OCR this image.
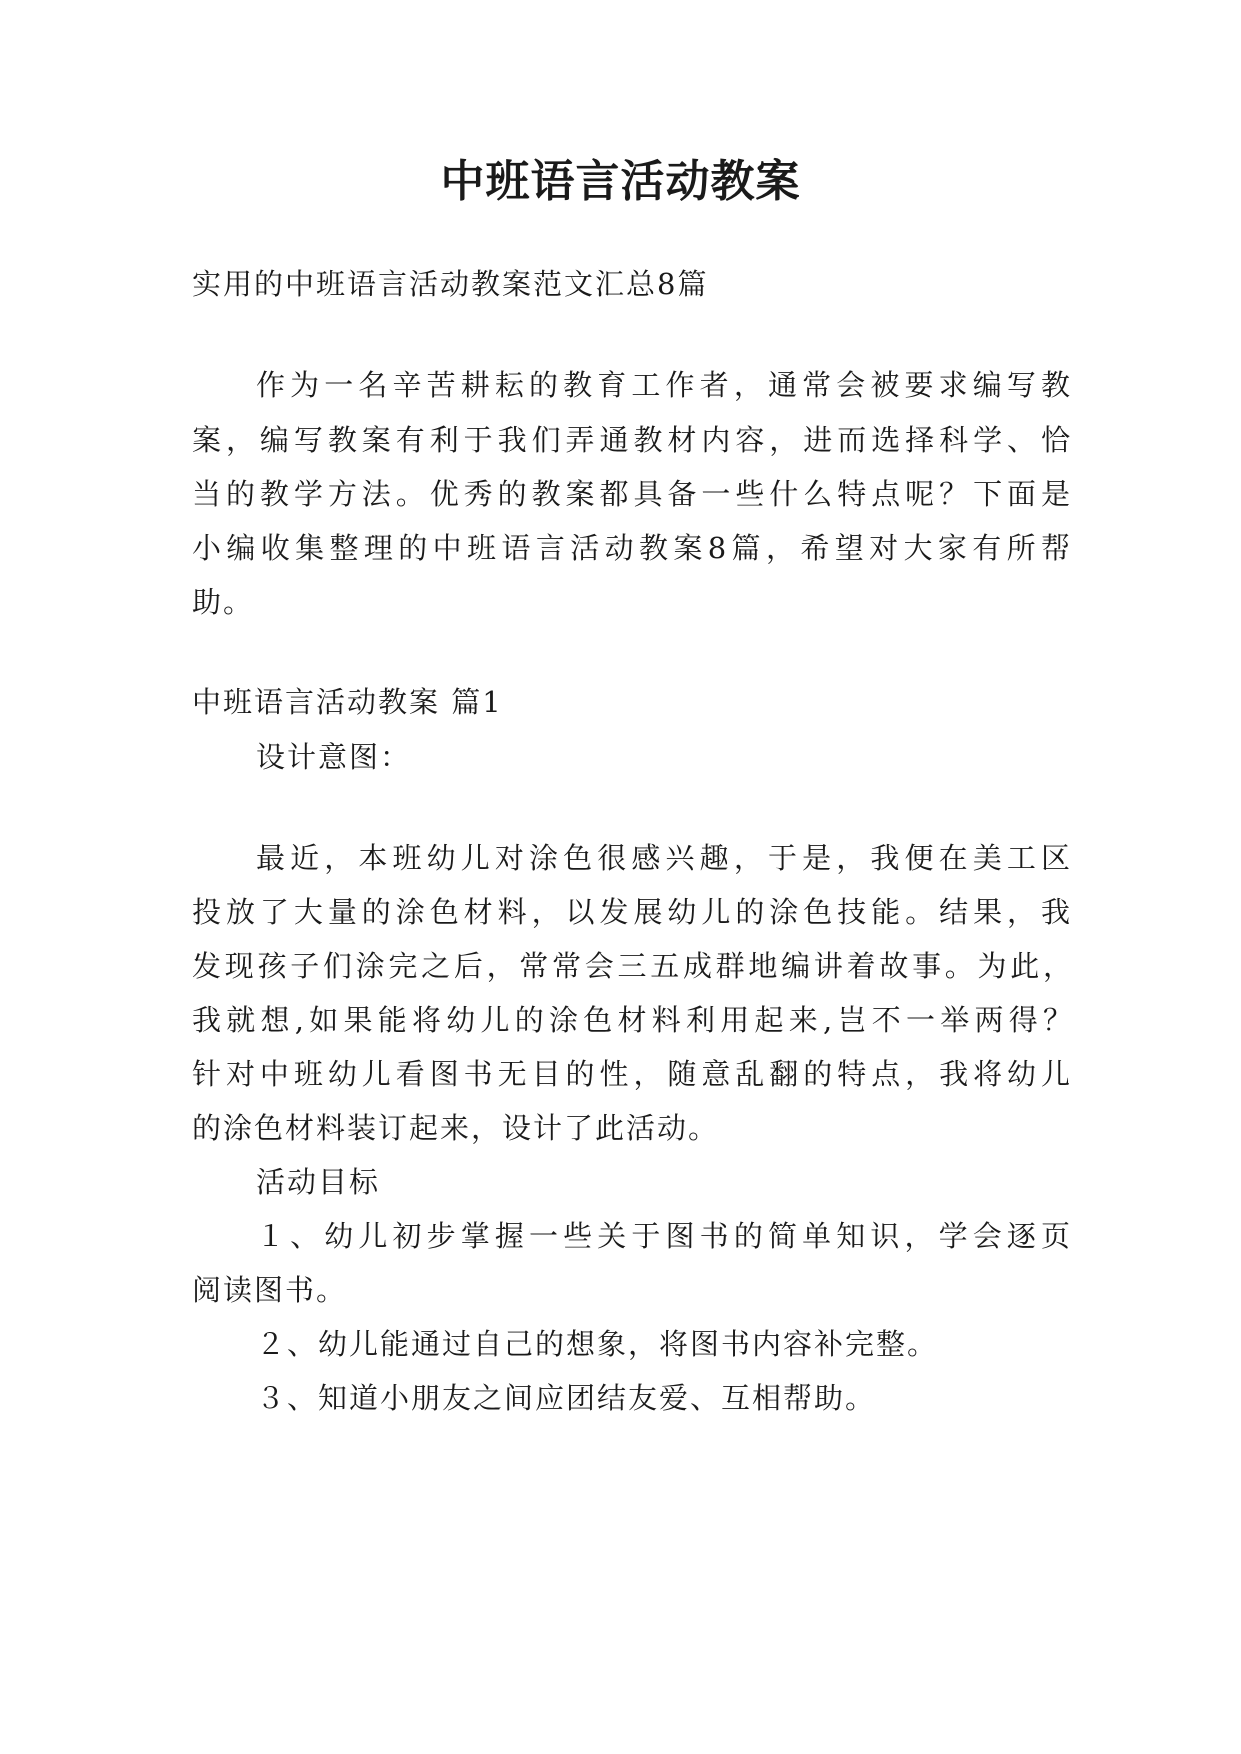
中班语言活动教案

实用的中班语言活动教案范文汇总8篇

作为一名辛苦耕耘的教育工作者，通常会被要求编写教

案，编写教案有利于我们弄通教材内容，进而选择科学、恰

当的教学方法。优秀的教案都具备一些什么特点呢？下面是

小编收集整理的中班语言活动教案8篇，希望对大家有所帮

助。

中班语言活动教案 篇1

设计意图：

最近，本班幼儿对涂色很感兴趣，于是，我便在美工区

投放了大量的涂色材料，以发展幼儿的涂色技能。结果，我

发现孩子们涂完之后，常常会三五成群地编讲着故事。为此，

我就想,如果能将幼儿的涂色材料利用起来,岂不一举两得？

针对中班幼儿看图书无目的性，随意乱翻的特点，我将幼儿

的涂色材料装订起来，设计了此活动。

活动目标

１、幼儿初步掌握一些关于图书的简单知识，学会逐页

阅读图书。

２、幼儿能通过自己的想象，将图书内容补完整。

３、知道小朋友之间应团结友爱、互相帮助。
